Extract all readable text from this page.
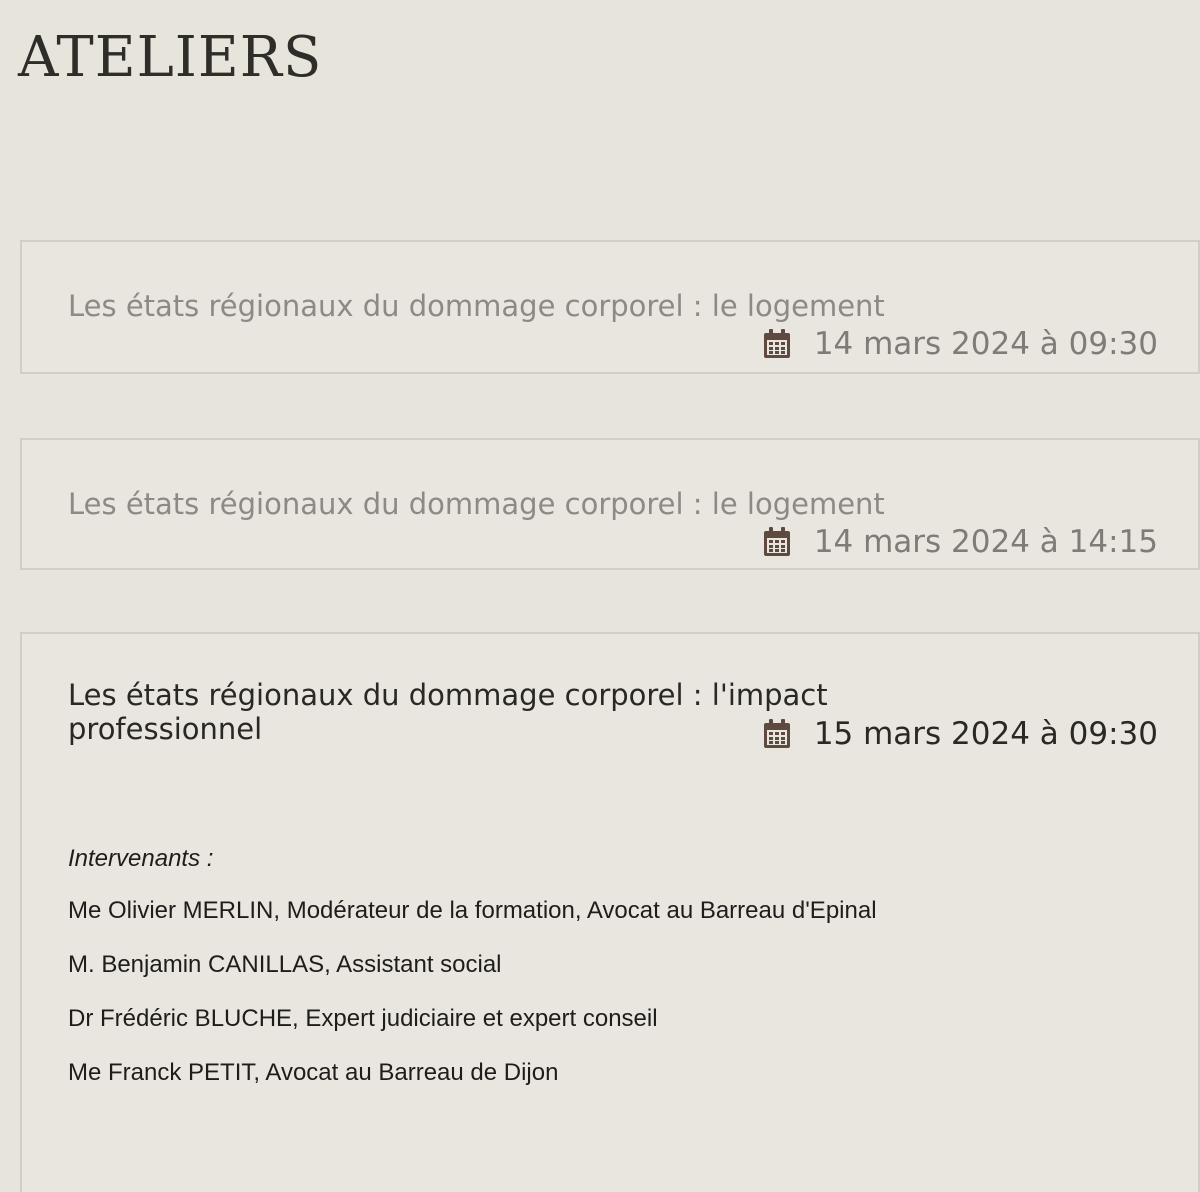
ATELIERS
Les états régionaux du dommage corporel : le logement
14 mars 2024 à 09:30
Les états régionaux du dommage corporel : le logement
14 mars 2024 à 14:15
Les états régionaux du dommage corporel : l'impact professionnel	15 mars 2024 à 09:30

Intervenants :

Me Olivier MERLIN, Modérateur de la formation, Avocat au Barreau d'Epinal

M. Benjamin CANILLAS, Assistant social

Dr Frédéric BLUCHE, Expert judiciaire et expert conseil

Me Franck PETIT, Avocat au Barreau de Dijon
